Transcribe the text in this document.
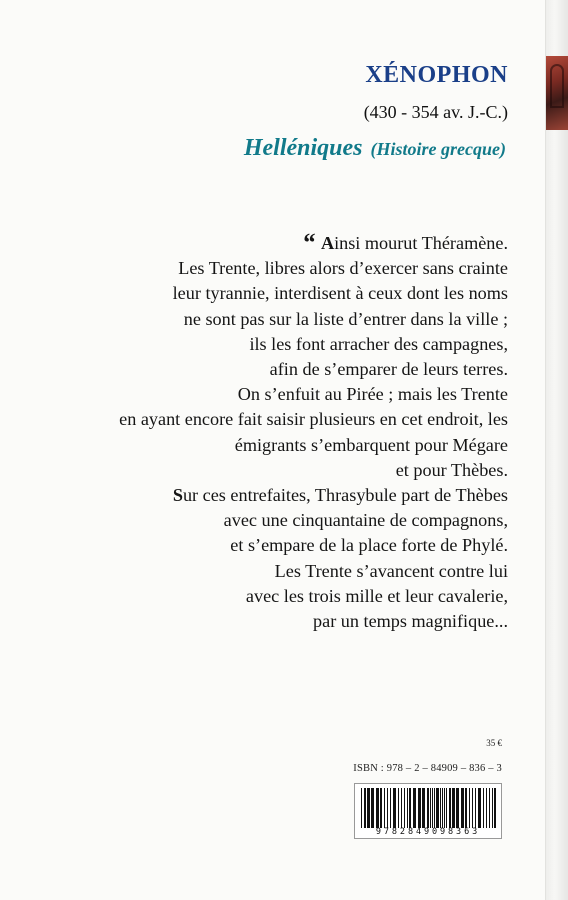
XÉNOPHON
(430 - 354 av. J.-C.)
Helléniques (Histoire grecque)
“ Ainsi mourut Théramène.
Les Trente, libres alors d’exercer sans crainte
leur tyrannie, interdisent à ceux dont les noms
ne sont pas sur la liste d’entrer dans la ville ;
ils les font arracher des campagnes,
afin de s’emparer de leurs terres.
On s’enfuit au Pirée ; mais les Trente
en ayant encore fait saisir plusieurs en cet endroit, les
émigrants s’embarquent pour Mégare
et pour Thèbes.
Sur ces entrefaites, Thrasybule part de Thèbes
avec une cinquantaine de compagnons,
et s’empare de la place forte de Phylé.
Les Trente s’avancent contre lui
avec les trois mille et leur cavalerie,
par un temps magnifique...
35 €
ISBN : 978 – 2 – 84909 – 836 – 3
9782849098363
